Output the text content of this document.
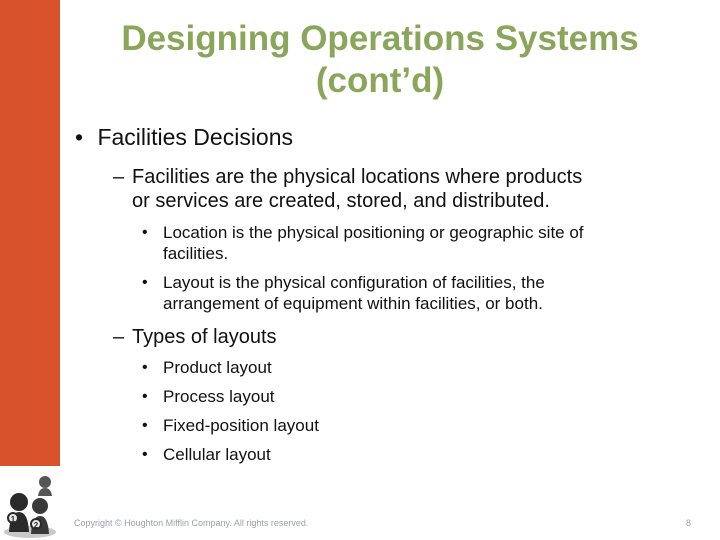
1
2
Designing Operations Systems
(cont’d)
• Facilities Decisions
– Facilities are the physical locations where products
or services are created, stored, and distributed.
• Location is the physical positioning or geographic site of
facilities.
• Layout is the physical configuration of facilities, the
arrangement of equipment within facilities, or both.
– Types of layouts
• Product layout
• Process layout
• Fixed-position layout
• Cellular layout
Copyright © Houghton Mifflin Company. All rights reserved.	8
